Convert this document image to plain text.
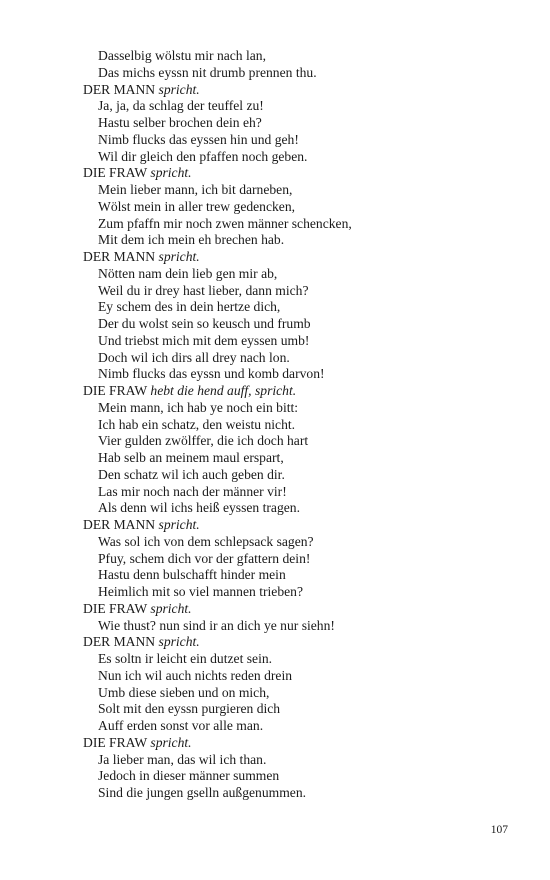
Dasselbig wölstu mir nach lan,
Das michs eyssn nit drumb prennen thu.
DER MANN spricht.
Ja, ja, da schlag der teuffel zu!
Hastu selber brochen dein eh?
Nimb flucks das eyssen hin und geh!
Wil dir gleich den pfaffen noch geben.
DIE FRAW spricht.
Mein lieber mann, ich bit darneben,
Wölst mein in aller trew gedencken,
Zum pfaffn mir noch zwen männer schencken,
Mit dem ich mein eh brechen hab.
DER MANN spricht.
Nötten nam dein lieb gen mir ab,
Weil du ir drey hast lieber, dann mich?
Ey schem des in dein hertze dich,
Der du wolst sein so keusch und frumb
Und triebst mich mit dem eyssen umb!
Doch wil ich dirs all drey nach lon.
Nimb flucks das eyssn und komb darvon!
DIE FRAW hebt die hend auff, spricht.
Mein mann, ich hab ye noch ein bitt:
Ich hab ein schatz, den weistu nicht.
Vier gulden zwölffer, die ich doch hart
Hab selb an meinem maul erspart,
Den schatz wil ich auch geben dir.
Las mir noch nach der männer vir!
Als denn wil ichs heiß eyssen tragen.
DER MANN spricht.
Was sol ich von dem schlepsack sagen?
Pfuy, schem dich vor der gfattern dein!
Hastu denn bulschafft hinder mein
Heimlich mit so viel mannen trieben?
DIE FRAW spricht.
Wie thust? nun sind ir an dich ye nur siehn!
DER MANN spricht.
Es soltn ir leicht ein dutzet sein.
Nun ich wil auch nichts reden drein
Umb diese sieben und on mich,
Solt mit den eyssn purgieren dich
Auff erden sonst vor alle man.
DIE FRAW spricht.
Ja lieber man, das wil ich than.
Jedoch in dieser männer summen
Sind die jungen gselln außgenummen.
107
